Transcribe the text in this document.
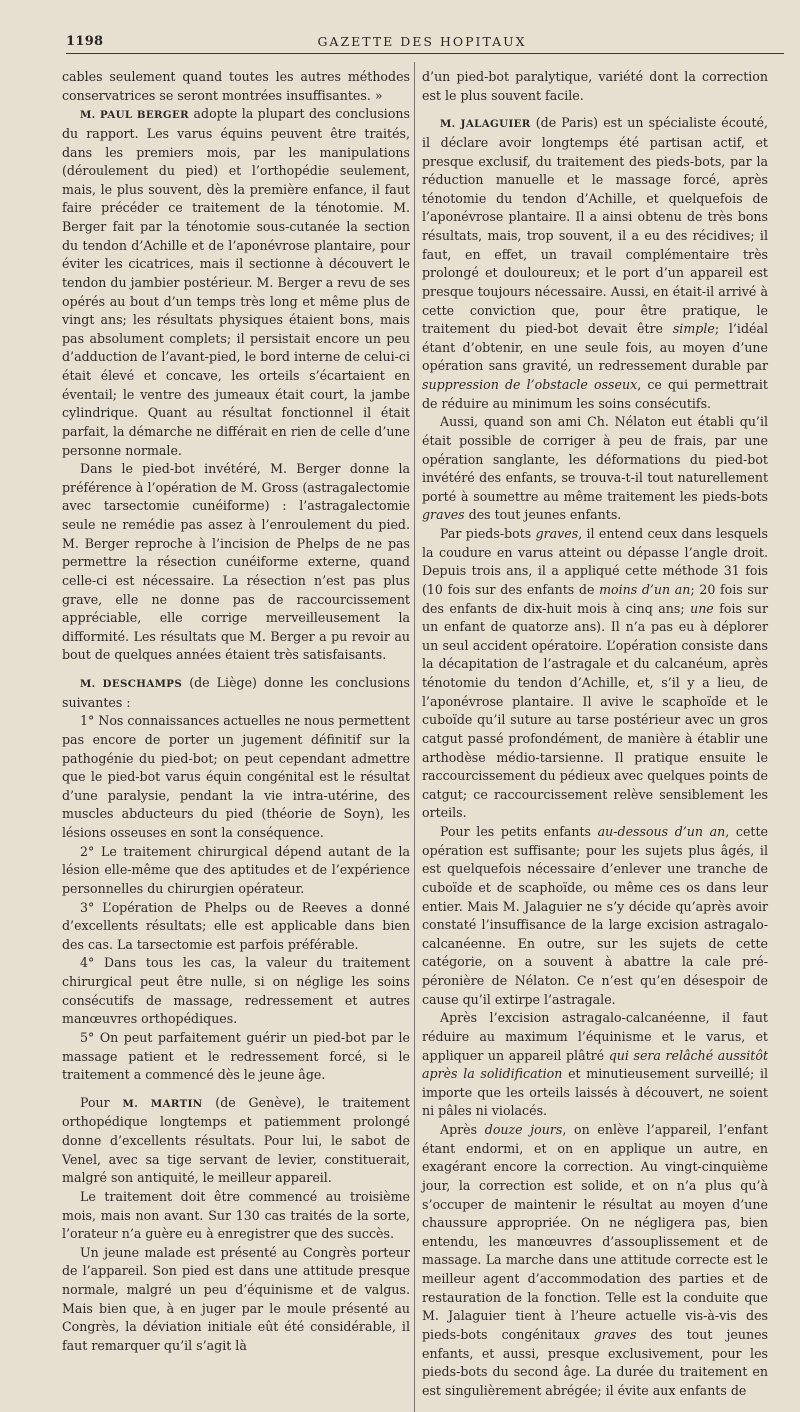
1198	GAZETTE DES HOPITAUX

cables seulement quand toutes les autres méthodes conservatrices se seront montrées insuffisantes. »

M. PAUL BERGER adopte la plupart des conclusions du rapport. Les varus équins peuvent être traités, dans les premiers mois, par les manipulations (déroulement du pied) et l’orthopédie seulement, mais, le plus souvent, dès la première enfance, il faut faire précéder ce traitement de la ténotomie. M. Berger fait par la ténotomie sous-cutanée la section du tendon d’Achille et de l’aponévrose plantaire, pour éviter les cicatrices, mais il sectionne à découvert le tendon du jambier postérieur. M. Berger a revu de ses opérés au bout d’un temps très long et même plus de vingt ans; les résultats physiques étaient bons, mais pas absolument complets; il persistait encore un peu d’adduction de l’avant-pied, le bord interne de celui-ci était élevé et concave, les orteils s’écartaient en éventail; le ventre des jumeaux était court, la jambe cylindrique. Quant au résultat fonctionnel il était parfait, la démarche ne différait en rien de celle d’une personne normale.

Dans le pied-bot invétéré, M. Berger donne la préférence à l’opération de M. Gross (astragalectomie avec tarsectomie cunéiforme) : l’astragalectomie seule ne remédie pas assez à l’enroulement du pied. M. Berger reproche à l’incision de Phelps de ne pas permettre la résection cunéiforme externe, quand celle-ci est nécessaire. La résection n’est pas plus grave, elle ne donne pas de raccourcissement appréciable, elle corrige merveilleusement la difformité. Les résultats que M. Berger a pu revoir au bout de quelques années étaient très satisfaisants.

M. DESCHAMPS (de Liège) donne les conclusions suivantes :

1° Nos connaissances actuelles ne nous permettent pas encore de porter un jugement définitif sur la pathogénie du pied-bot; on peut cependant admettre que le pied-bot varus équin congénital est le résultat d’une paralysie, pendant la vie intra-utérine, des muscles abducteurs du pied (théorie de Soyn), les lésions osseuses en sont la conséquence.

2° Le traitement chirurgical dépend autant de la lésion elle-même que des aptitudes et de l’expérience personnelles du chirurgien opérateur.

3° L’opération de Phelps ou de Reeves a donné d’excellents résultats; elle est applicable dans bien des cas. La tarsectomie est parfois préférable.

4° Dans tous les cas, la valeur du traitement chirurgical peut être nulle, si on néglige les soins consécutifs de massage, redressement et autres manœuvres orthopédiques.

5° On peut parfaitement guérir un pied-bot par le massage patient et le redressement forcé, si le traitement a commencé dès le jeune âge.

Pour M. MARTIN (de Genève), le traitement orthopédique longtemps et patiemment prolongé donne d’excellents résultats. Pour lui, le sabot de Venel, avec sa tige servant de levier, constituerait, malgré son antiquité, le meilleur appareil.

Le traitement doit être commencé au troisième mois, mais non avant. Sur 130 cas traités de la sorte, l’orateur n’a guère eu à enregistrer que des succès.

Un jeune malade est présenté au Congrès porteur de l’appareil. Son pied est dans une attitude presque normale, malgré un peu d’équinisme et de valgus. Mais bien que, à en juger par le moule présenté au Congrès, la déviation initiale eût été considérable, il faut remarquer qu’il s’agit là

d’un pied-bot paralytique, variété dont la correction est le plus souvent facile.

M. JALAGUIER (de Paris) est un spécialiste écouté, il déclare avoir longtemps été partisan actif, et presque exclusif, du traitement des pieds-bots, par la réduction manuelle et le massage forcé, après ténotomie du tendon d’Achille, et quelquefois de l’aponévrose plantaire. Il a ainsi obtenu de très bons résultats, mais, trop souvent, il a eu des récidives; il faut, en effet, un travail complémentaire très prolongé et douloureux; et le port d’un appareil est presque toujours nécessaire. Aussi, en était-il arrivé à cette conviction que, pour être pratique, le traitement du pied-bot devait être simple; l’idéal étant d’obtenir, en une seule fois, au moyen d’une opération sans gravité, un redressement durable par suppression de l’obstacle osseux, ce qui permettrait de réduire au minimum les soins consécutifs.

Aussi, quand son ami Ch. Nélaton eut établi qu’il était possible de corriger à peu de frais, par une opération sanglante, les déformations du pied-bot invétéré des enfants, se trouva-t-il tout naturellement porté à soumettre au même traitement les pieds-bots graves des tout jeunes enfants.

Par pieds-bots graves, il entend ceux dans lesquels la coudure en varus atteint ou dépasse l’angle droit. Depuis trois ans, il a appliqué cette méthode 31 fois (10 fois sur des enfants de moins d’un an; 20 fois sur des enfants de dix-huit mois à cinq ans; une fois sur un enfant de quatorze ans). Il n’a pas eu à déplorer un seul accident opératoire. L’opération consiste dans la décapitation de l’astragale et du calcanéum, après ténotomie du tendon d’Achille, et, s’il y a lieu, de l’aponévrose plantaire. Il avive le scaphoïde et le cuboïde qu’il suture au tarse postérieur avec un gros catgut passé profondément, de manière à établir une arthodèse médio-tarsienne. Il pratique ensuite le raccourcissement du pédieux avec quelques points de catgut; ce raccourcissement relève sensiblement les orteils.

Pour les petits enfants au-dessous d’un an, cette opération est suffisante; pour les sujets plus âgés, il est quelquefois nécessaire d’enlever une tranche de cuboïde et de scaphoïde, ou même ces os dans leur entier. Mais M. Jalaguier ne s’y décide qu’après avoir constaté l’insuffisance de la large excision astragalo-calcanéenne. En outre, sur les sujets de cette catégorie, on a souvent à abattre la cale pré-péronière de Nélaton. Ce n’est qu’en désespoir de cause qu’il extirpe l’astragale.

Après l’excision astragalo-calcanéenne, il faut réduire au maximum l’équinisme et le varus, et appliquer un appareil plâtré qui sera relâché aussitôt après la solidification et minutieusement surveillé; il importe que les orteils laissés à découvert, ne soient ni pâles ni violacés.

Après douze jours, on enlève l’appareil, l’enfant étant endormi, et on en applique un autre, en exagérant encore la correction. Au vingt-cinquième jour, la correction est solide, et on n’a plus qu’à s’occuper de maintenir le résultat au moyen d’une chaussure appropriée. On ne négligera pas, bien entendu, les manœuvres d’assouplissement et de massage. La marche dans une attitude correcte est le meilleur agent d’accommodation des parties et de restauration de la fonction. Telle est la conduite que M. Jalaguier tient à l’heure actuelle vis-à-vis des pieds-bots congénitaux graves des tout jeunes enfants, et aussi, presque exclusivement, pour les pieds-bots du second âge. La durée du traitement en est singulièrement abrégée; il évite aux enfants de
